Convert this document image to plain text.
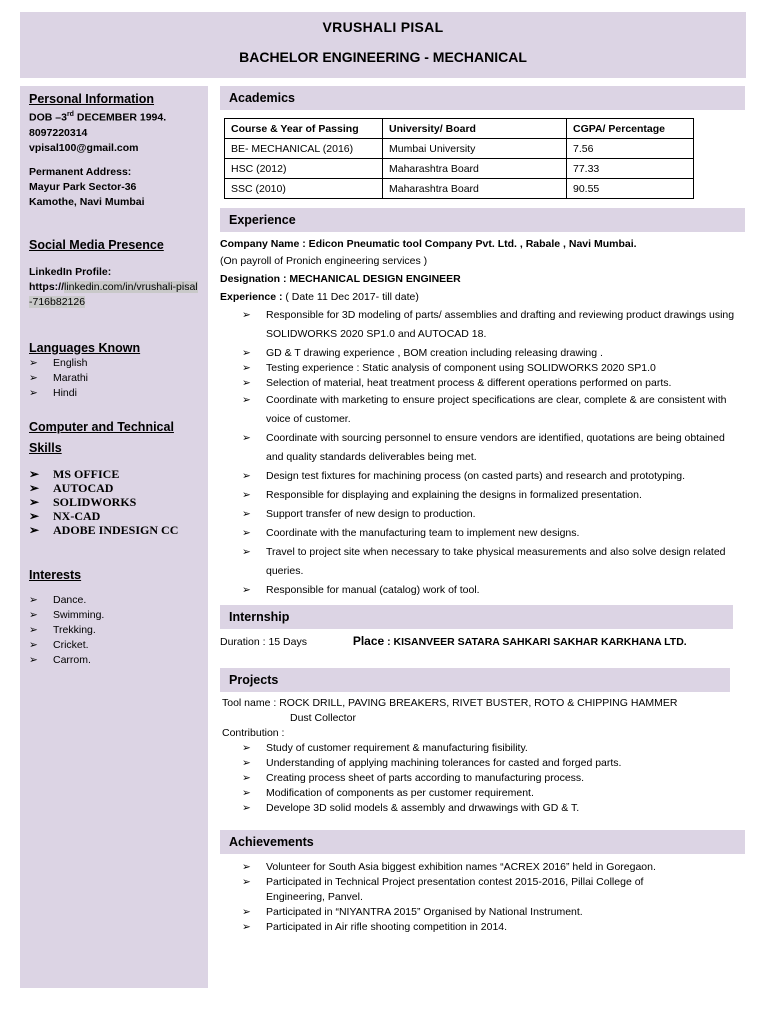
VRUSHALI PISAL
BACHELOR ENGINEERING - MECHANICAL
Personal Information
DOB –3rd DECEMBER 1994.
8097220314
vpisal100@gmail.com
Permanent Address:
Mayur Park Sector-36
Kamothe, Navi Mumbai
Social Media Presence
LinkedIn Profile:
https://linkedin.com/in/vrushali-pisal-716b82126
Languages Known
➢ English
➢ Marathi
➢ Hindi
Computer and Technical Skills
➢ MS OFFICE
➢ AUTOCAD
➢ SOLIDWORKS
➢ NX-CAD
➢ ADOBE INDESIGN CC
Interests
➢ Dance.
➢ Swimming.
➢ Trekking.
➢ Cricket.
➢ Carrom.
Academics
Course & Year of Passing	University/ Board	CGPA/ Percentage
BE- MECHANICAL (2016)	Mumbai University	7.56
HSC (2012)	Maharashtra Board	77.33
SSC (2010)	Maharashtra Board	90.55
Experience
Company Name : Edicon Pneumatic tool Company Pvt. Ltd. , Rabale , Navi Mumbai.
(On payroll of Pronich engineering services )
Designation : MECHANICAL DESIGN ENGINEER
Experience : ( Date 11 Dec 2017- till date)
➢ Responsible for 3D modeling of parts/ assemblies and drafting and reviewing product drawings using SOLIDWORKS 2020 SP1.0 and AUTOCAD 18.
➢ GD & T drawing experience , BOM creation including releasing drawing .
➢ Testing experience : Static analysis of component using SOLIDWORKS 2020 SP1.0
➢ Selection of material, heat treatment process & different operations performed on parts.
➢ Coordinate with marketing to ensure project specifications are clear, complete & are consistent with voice of customer.
➢ Coordinate with sourcing personnel to ensure vendors are identified, quotations are being obtained and quality standards deliverables being met.
➢ Design test fixtures for machining process (on casted parts) and research and prototyping.
➢ Responsible for displaying and explaining the designs in formalized presentation.
➢ Support transfer of new design to production.
➢ Coordinate with the manufacturing team to implement new designs.
➢ Travel to project site when necessary to take physical measurements and also solve design related queries.
➢ Responsible for manual (catalog) work of tool.
Internship
Duration : 15 Days	Place : KISANVEER SATARA SAHKARI SAKHAR KARKHANA LTD.
Projects
Tool name : ROCK DRILL, PAVING BREAKERS, RIVET BUSTER, ROTO & CHIPPING HAMMER
Dust Collector
Contribution :
➢ Study of customer requirement & manufacturing fisibility.
➢ Understanding of applying machining tolerances for casted and forged parts.
➢ Creating process sheet of parts according to manufacturing process.
➢ Modification of components as per customer requirement.
➢ Develope 3D solid models & assembly and drwawings with GD & T.
Achievements
➢ Volunteer for South Asia biggest exhibition names “ACREX 2016” held in Goregaon.
➢ Participated in Technical Project presentation contest 2015-2016, Pillai College of Engineering, Panvel.
➢ Participated in “NIYANTRA 2015” Organised by National Instrument.
➢ Participated in Air rifle shooting competition in 2014.
